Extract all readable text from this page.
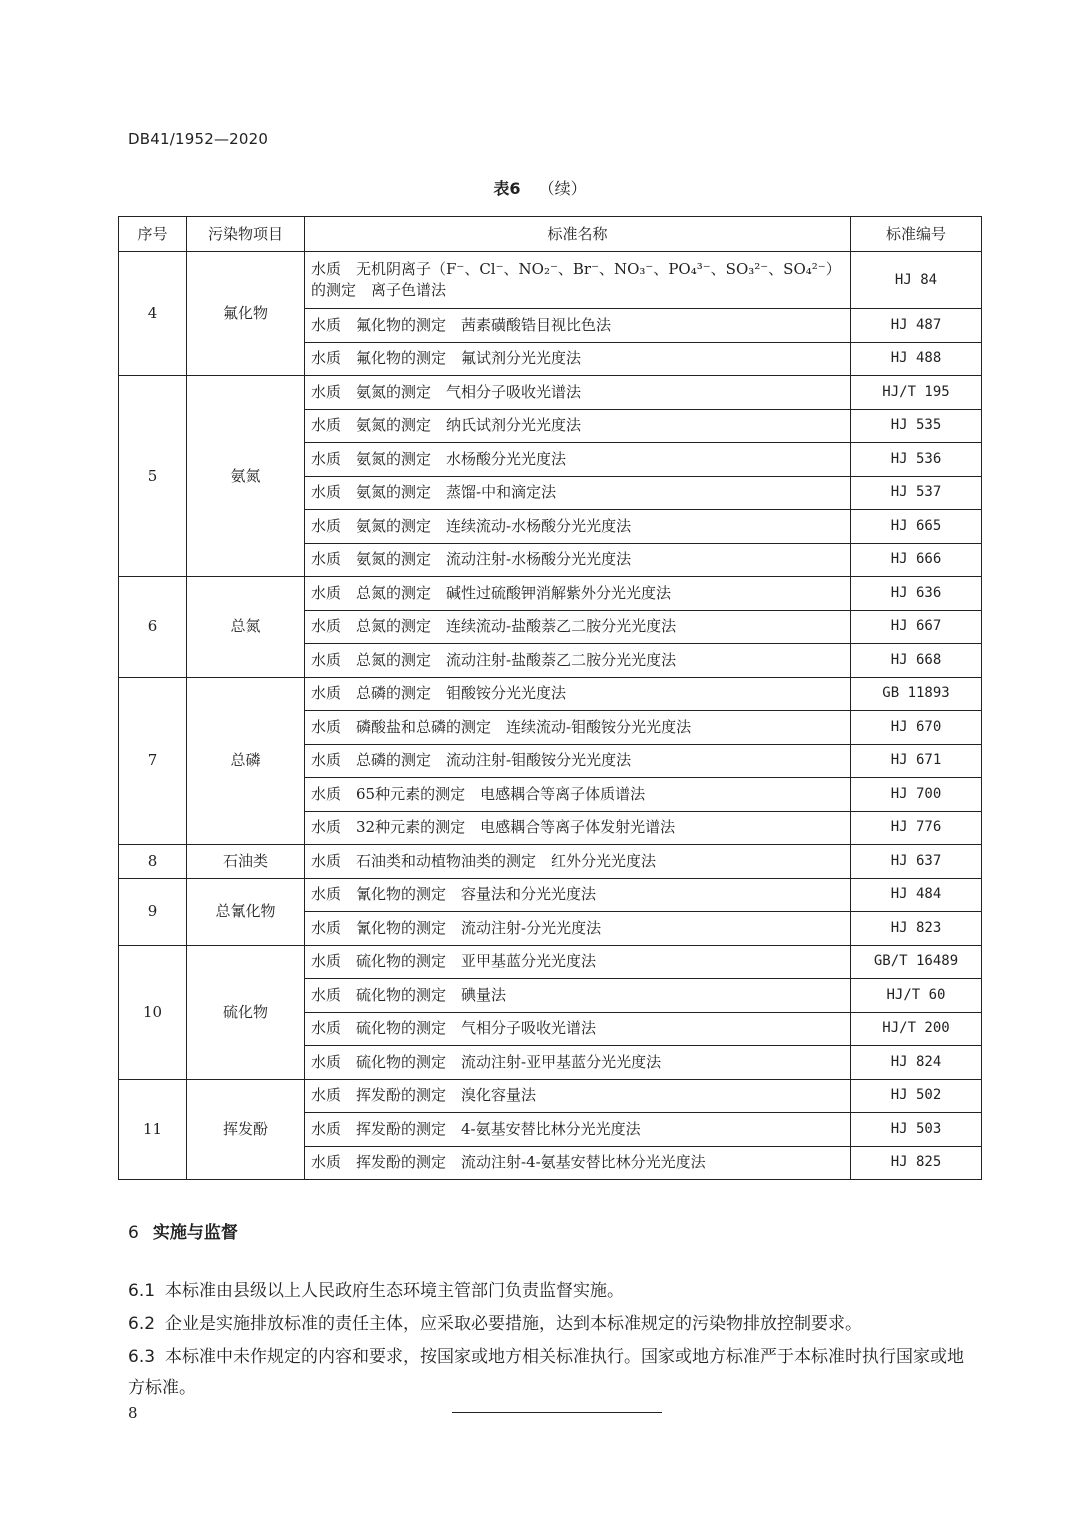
DB41/1952—2020
表6 （续）
序号	污染物项目	标准名称	标准编号
4	氟化物	水质　无机阴离子（F⁻、Cl⁻、NO₂⁻、Br⁻、NO₃⁻、PO₄³⁻、SO₃²⁻、SO₄²⁻）的测定　离子色谱法	HJ 84
		水质　氟化物的测定　茜素磺酸锆目视比色法	HJ 487
		水质　氟化物的测定　氟试剂分光光度法	HJ 488
5	氨氮	水质　氨氮的测定　气相分子吸收光谱法	HJ/T 195
		水质　氨氮的测定　纳氏试剂分光光度法	HJ 535
		水质　氨氮的测定　水杨酸分光光度法	HJ 536
		水质　氨氮的测定　蒸馏-中和滴定法	HJ 537
		水质　氨氮的测定　连续流动-水杨酸分光光度法	HJ 665
		水质　氨氮的测定　流动注射-水杨酸分光光度法	HJ 666
6	总氮	水质　总氮的测定　碱性过硫酸钾消解紫外分光光度法	HJ 636
		水质　总氮的测定　连续流动-盐酸萘乙二胺分光光度法	HJ 667
		水质　总氮的测定　流动注射-盐酸萘乙二胺分光光度法	HJ 668
7	总磷	水质　总磷的测定　钼酸铵分光光度法	GB 11893
		水质　磷酸盐和总磷的测定　连续流动-钼酸铵分光光度法	HJ 670
		水质　总磷的测定　流动注射-钼酸铵分光光度法	HJ 671
		水质　65种元素的测定　电感耦合等离子体质谱法	HJ 700
		水质　32种元素的测定　电感耦合等离子体发射光谱法	HJ 776
8	石油类	水质　石油类和动植物油类的测定　红外分光光度法	HJ 637
9	总氰化物	水质　氰化物的测定　容量法和分光光度法	HJ 484
		水质　氰化物的测定　流动注射-分光光度法	HJ 823
10	硫化物	水质　硫化物的测定　亚甲基蓝分光光度法	GB/T 16489
		水质　硫化物的测定　碘量法	HJ/T 60
		水质　硫化物的测定　气相分子吸收光谱法	HJ/T 200
		水质　硫化物的测定　流动注射-亚甲基蓝分光光度法	HJ 824
11	挥发酚	水质　挥发酚的测定　溴化容量法	HJ 502
		水质　挥发酚的测定　4-氨基安替比林分光光度法	HJ 503
		水质　挥发酚的测定　流动注射-4-氨基安替比林分光光度法	HJ 825
6 实施与监督
6.1 本标准由县级以上人民政府生态环境主管部门负责监督实施。
6.2 企业是实施排放标准的责任主体，应采取必要措施，达到本标准规定的污染物排放控制要求。
6.3 本标准中未作规定的内容和要求，按国家或地方相关标准执行。国家或地方标准严于本标准时执行国家或地方标准。
8
